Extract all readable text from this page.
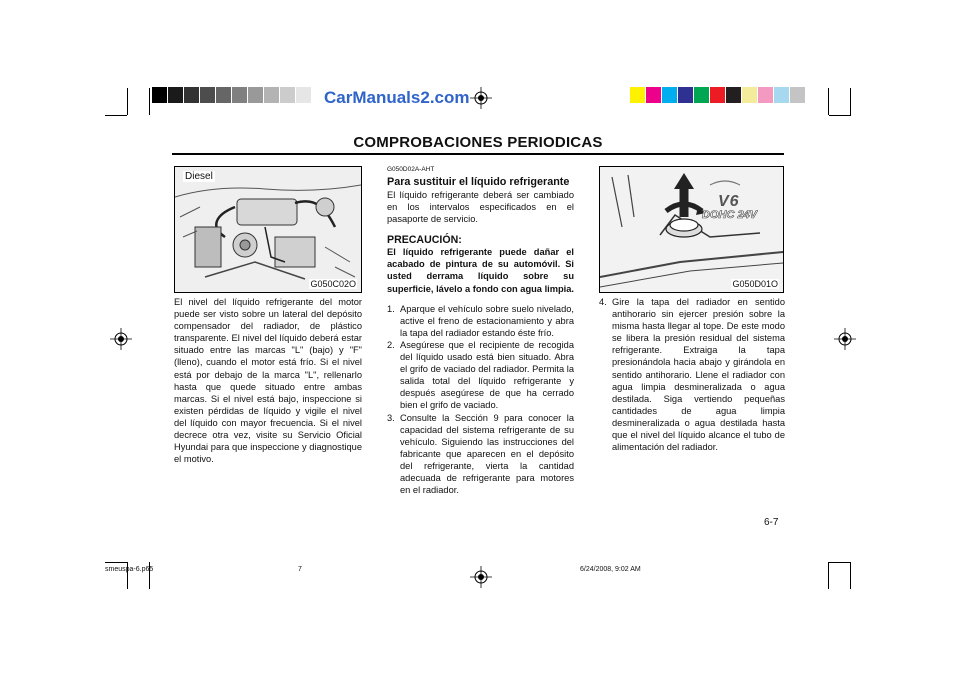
CarManuals2.com
COMPROBACIONES PERIODICAS
Diesel
G050C02O
El nivel del líquido refrigerante del motor puede ser visto sobre un lateral del depósito compensador del radiador, de plástico transparente. El nivel del líquido deberá estar situado entre las marcas "L" (bajo) y "F" (lleno), cuando el motor está frío. Si el nivel está por debajo de la marca "L", rellenarlo hasta que quede situado entre ambas marcas. Si el nivel está bajo, inspeccione si existen pérdidas de líquido y vigile el nivel del líquido con mayor frecuencia. Si el nivel decrece otra vez, visite su Servicio Oficial Hyundai para que inspeccione y diagnostique el motivo.
G050D02A-AHT
Para sustituir el líquido refrigerante
El líquido refrigerante deberá ser cambiado en los intervalos especificados en el pasaporte de servicio.
PRECAUCIÓN:
El líquido refrigerante puede dañar el acabado de pintura de su automóvil. Si usted derrama líquido sobre su superficie, lávelo a fondo con agua limpia.
1. Aparque el vehículo sobre suelo nivelado, active el freno de estacionamiento y abra la tapa del radiador estando éste frío.
2. Asegúrese que el recipiente de recogida del líquido usado está bien situado. Abra el grifo de vaciado del radiador. Permita la salida total del líquido refrigerante y después asegúrese de que ha cerrado bien el grifo de vaciado.
3. Consulte la Sección 9 para conocer la capacidad del sistema refrigerante de su vehículo. Siguiendo las instrucciones del fabricante que aparecen en el depósito del refrigerante, vierta la cantidad adecuada de refrigerante para motores en el radiador.
V6
DOHC 24V
G050D01O
4. Gire la tapa del radiador en sentido antihorario sin ejercer presión sobre la misma hasta llegar al tope. De este modo se libera la presión residual del sistema refrigerante. Extraiga la tapa presionándola hacia abajo y girándola en sentido antihorario. Llene el radiador con agua limpia desmineralizada o agua destilada. Siga vertiendo pequeñas cantidades de agua limpia desmineralizada o agua destilada hasta que el nivel del líquido alcance el tubo de alimentación del radiador.
6-7
smeuspa-6.p65	7	6/24/2008, 9:02 AM
